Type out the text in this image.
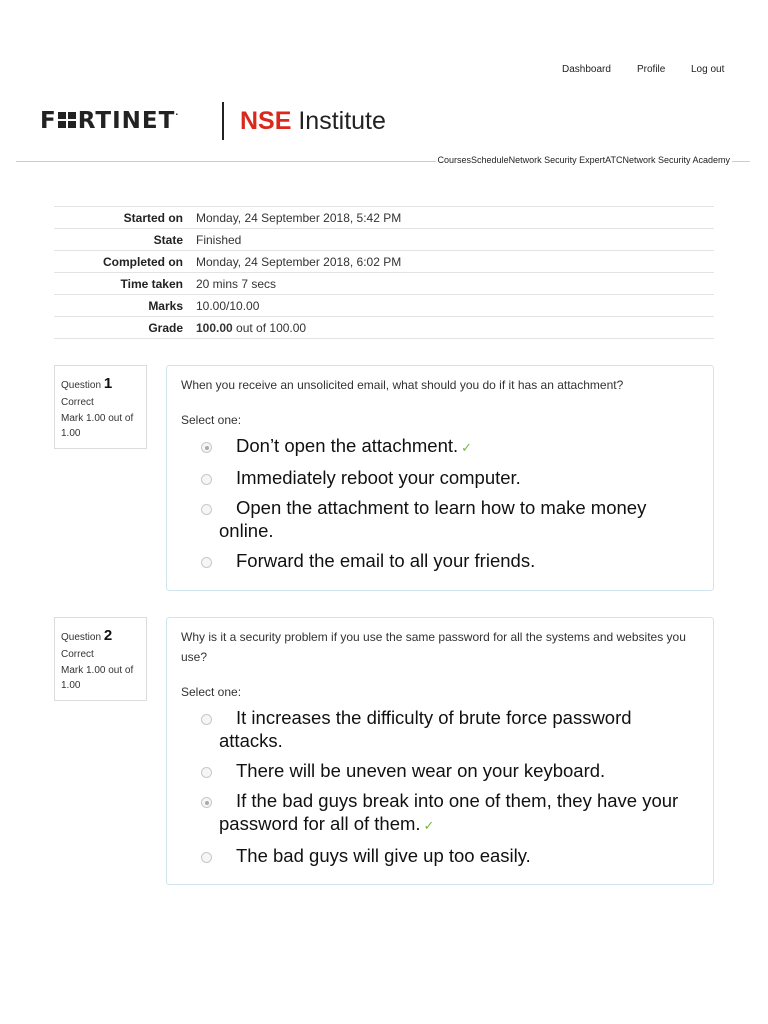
Dashboard	Profile	Log out
F RTINET. NSE Institute
CoursesScheduleNetwork Security ExpertATCNetwork Security Academy
Started on	Monday, 24 September 2018, 5:42 PM
State	Finished
Completed on	Monday, 24 September 2018, 6:02 PM
Time taken	20 mins 7 secs
Marks	10.00/10.00
Grade	100.00 out of 100.00
Question 1
Correct
Mark 1.00 out of 1.00
When you receive an unsolicited email, what should you do if it has an attachment?
Select one:
Don’t open the attachment. ✓
Immediately reboot your computer.
Open the attachment to learn how to make money online.
Forward the email to all your friends.
Question 2
Correct
Mark 1.00 out of 1.00
Why is it a security problem if you use the same password for all the systems and websites you use?
Select one:
It increases the difficulty of brute force password attacks.
There will be uneven wear on your keyboard.
If the bad guys break into one of them, they have your password for all of them. ✓
The bad guys will give up too easily.
